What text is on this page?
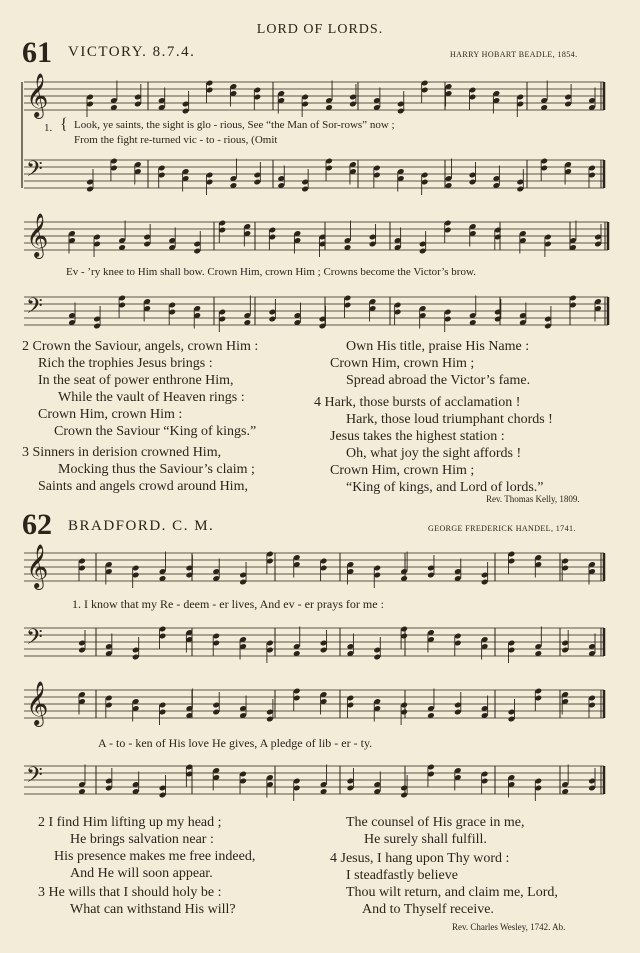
LORD OF LORDS.
61 VICTORY. 8.7.4.	HARRY HOBART BEADLE, 1854.
1. { Look, ye saints, the sight is glo - rious, See “the Man of Sor-rows” now ;
From the fight re-turned vic - to - rious, (Omit
Ev - ’ry knee to Him shall bow. Crown Him, crown Him ; Crowns become the Victor’s brow.
2 Crown the Saviour, angels, crown Him :
Rich the trophies Jesus brings :
In the seat of power enthrone Him,
While the vault of Heaven rings :
Crown Him, crown Him :
Crown the Saviour “King of kings.”
3 Sinners in derision crowned Him,
Mocking thus the Saviour’s claim ;
Saints and angels crowd around Him,
Own His title, praise His Name :
Crown Him, crown Him ;
Spread abroad the Victor’s fame.
4 Hark, those bursts of acclamation !
Hark, those loud triumphant chords !
Jesus takes the highest station :
Oh, what joy the sight affords !
Crown Him, crown Him ;
“King of kings, and Lord of lords.”
Rev. Thomas Kelly, 1809.
62 BRADFORD. C. M.	GEORGE FREDERICK HANDEL, 1741.
1. I know that my Re - deem - er lives, And ev - er prays for me :
A - to - ken of His love He gives, A pledge of lib - er - ty.
2 I find Him lifting up my head ;
He brings salvation near :
His presence makes me free indeed,
And He will soon appear.
3 He wills that I should holy be :
What can withstand His will?
The counsel of His grace in me,
He surely shall fulfill.
4 Jesus, I hang upon Thy word :
I steadfastly believe
Thou wilt return, and claim me, Lord,
And to Thyself receive.
Rev. Charles Wesley, 1742. Ab.
𝄞
𝄢
𝄞
𝄢
𝄞
𝄢
𝄞
𝄢
